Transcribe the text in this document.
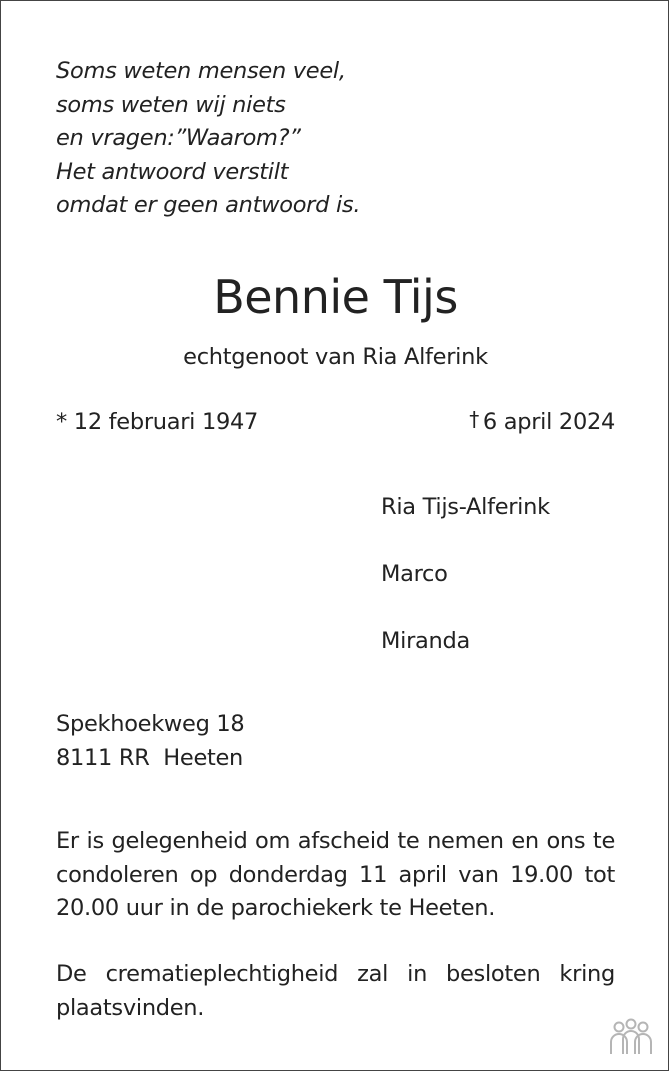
Soms weten mensen veel,
soms weten wij niets
en vragen:”Waarom?”
Het antwoord verstilt
omdat er geen antwoord is.
Bennie Tijs
echtgenoot van Ria Alferink
* 12 februari 1947	† 6 april 2024
Ria Tijs-Alferink
Marco
Miranda
Spekhoekweg 18
8111 RR  Heeten
Er is gelegenheid om afscheid te nemen en ons te condoleren op donderdag 11 april van 19.00 tot 20.00 uur in de parochiekerk te Heeten.
De crematieplechtigheid zal in besloten kring plaatsvinden.
